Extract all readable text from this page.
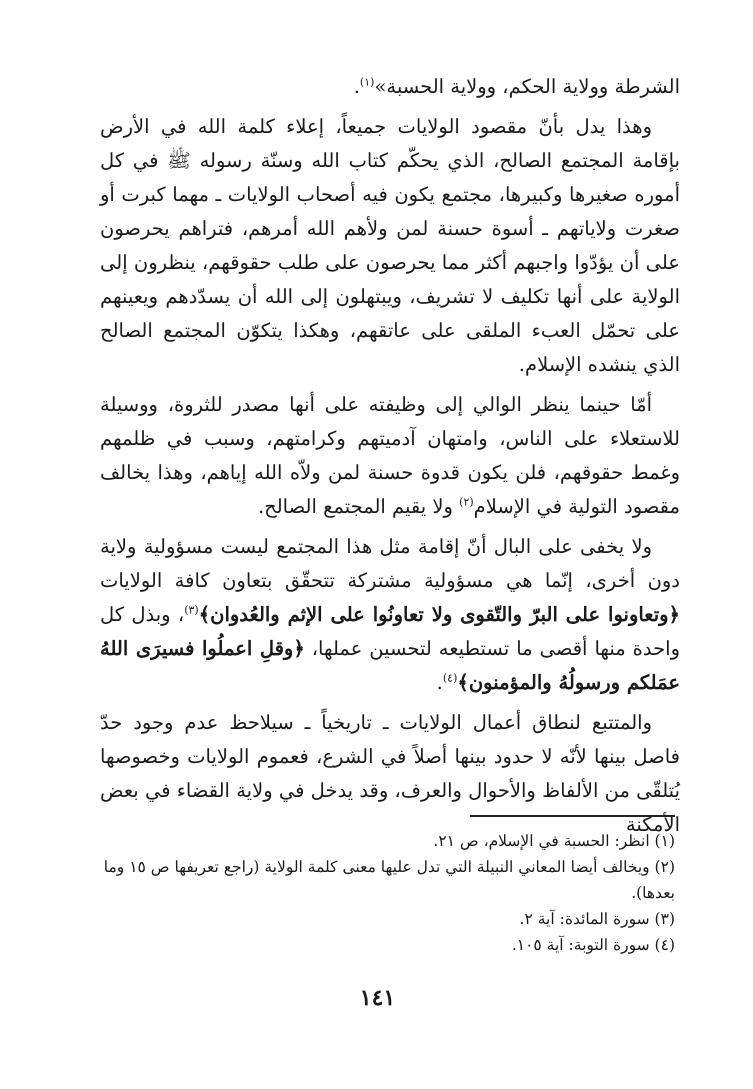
الشرطة وولاية الحكم، وولاية الحسبة»$^{(١)}$.

وهذا يدل بأنّ مقصود الولايات جميعاً، إعلاء كلمة الله في الأرض بإقامة المجتمع الصالح، الذي يحكّم كتاب الله وسنّة رسوله ﷺ في كل أموره صغيرها وكبيرها، مجتمع يكون فيه أصحاب الولايات ـ مهما كبرت أو صغرت ولاياتهم ـ أسوة حسنة لمن ولأهم الله أمرهم، فتراهم يحرصون على أن يؤدّوا واجبهم أكثر مما يحرصون على طلب حقوقهم، ينظرون إلى الولاية على أنها تكليف لا تشريف، ويبتهلون إلى الله أن يسدّدهم ويعينهم على تحمّل العبء الملقى على عاتقهم، وهكذا يتكوّن المجتمع الصالح الذي ينشده الإسلام.

أمّا حينما ينظر الوالي إلى وظيفته على أنها مصدر للثروة، ووسيلة للاستعلاء على الناس، وامتهان آدميتهم وكرامتهم، وسبب في ظلمهم وغمط حقوقهم، فلن يكون قدوة حسنة لمن ولاّه الله إياهم، وهذا يخالف مقصود التولية في الإسلام$^{(٢)}$ ولا يقيم المجتمع الصالح.

ولا يخفى على البال أنّ إقامة مثل هذا المجتمع ليست مسؤولية ولاية دون أخرى، إنّما هي مسؤولية مشتركة تتحقّق بتعاون كافة الولايات ﴿وتعاونوا على البرّ والتّقوى ولا تعاونُوا على الإثم والعُدوان﴾$^{(٣)}$، وبذل كل واحدة منها أقصى ما تستطيعه لتحسين عملها، ﴿وقلِ اعملُوا فسيرَى اللهُ عمَلكم ورسولُهُ والمؤمنون﴾$^{(٤)}$.

والمتتبع لنطاق أعمال الولايات ـ تاريخياً ـ سيلاحظ عدم وجود حدّ فاصل بينها لأنّه لا حدود بينها أصلاً في الشرع، فعموم الولايات وخصوصها يُتلقّى من الألفاظ والأحوال والعرف، وقد يدخل في ولاية القضاء في بعض الأمكنة

(١) انظر: الحسبة في الإسلام، ص ٢١.

(٢) ويخالف أيضا المعاني النبيلة التي تدل عليها معنى كلمة الولاية (راجع تعريفها ص ١٥ وما بعدها).

(٣) سورة المائدة: آية ٢.

(٤) سورة التوبة: آية ١٠٥.

١٤١
